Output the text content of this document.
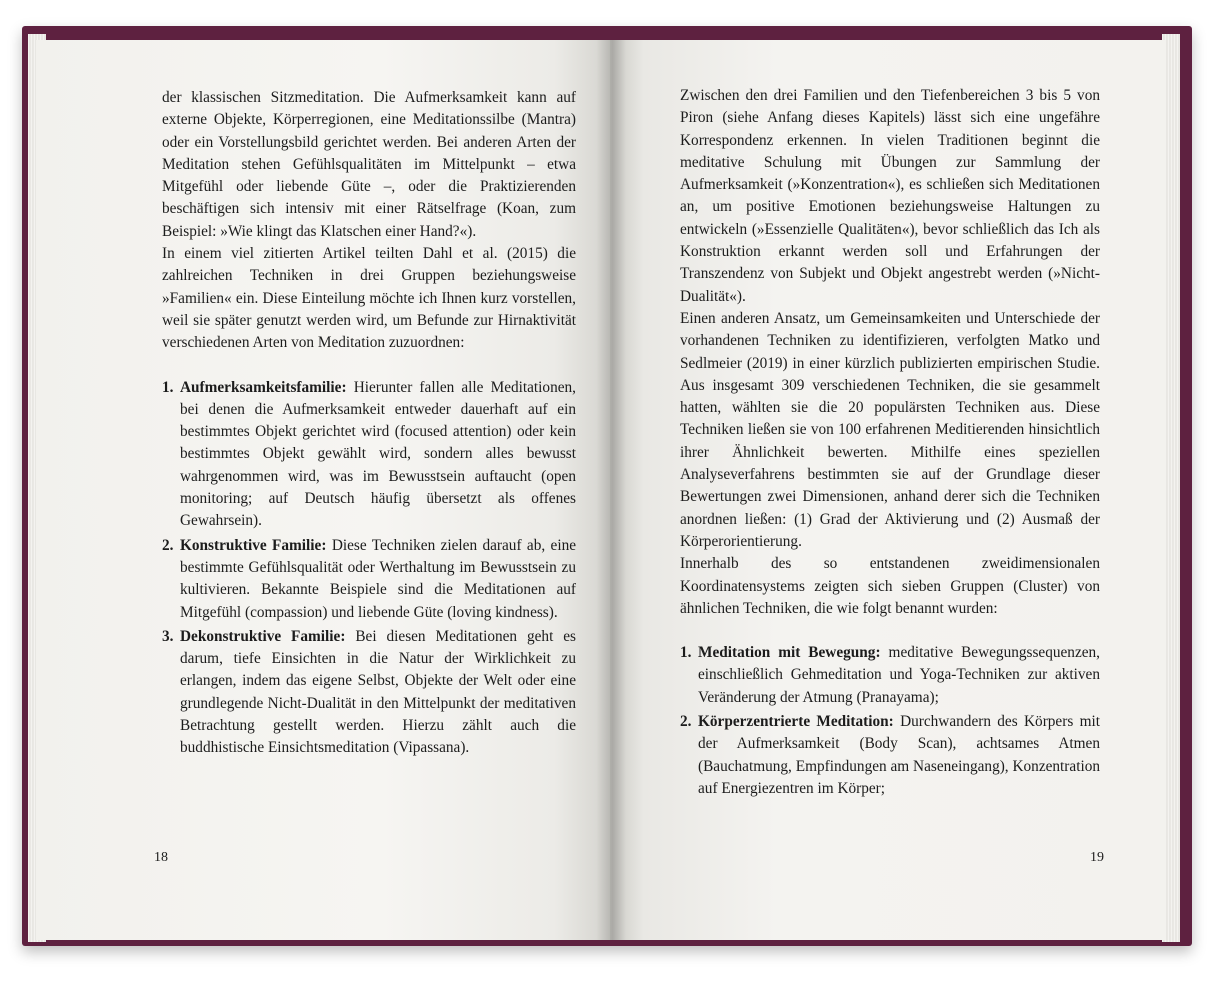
der klassischen Sitzmeditation. Die Aufmerksamkeit kann auf externe Objekte, Körperregionen, eine Meditationssilbe (Mantra) oder ein Vorstellungsbild gerichtet werden. Bei anderen Arten der Meditation stehen Gefühlsqualitäten im Mittelpunkt – etwa Mitgefühl oder liebende Güte –, oder die Praktizierenden beschäftigen sich intensiv mit einer Rätselfrage (Koan, zum Beispiel: »Wie klingt das Klatschen einer Hand?«).

In einem viel zitierten Artikel teilten Dahl et al. (2015) die zahlreichen Techniken in drei Gruppen beziehungsweise »Familien« ein. Diese Einteilung möchte ich Ihnen kurz vorstellen, weil sie später genutzt werden wird, um Befunde zur Hirnaktivität verschiedenen Arten von Meditation zuzuordnen:

1. Aufmerksamkeitsfamilie: Hierunter fallen alle Meditationen, bei denen die Aufmerksamkeit entweder dauerhaft auf ein bestimmtes Objekt gerichtet wird (focused attention) oder kein bestimmtes Objekt gewählt wird, sondern alles bewusst wahrgenommen wird, was im Bewusstsein auftaucht (open monitoring; auf Deutsch häufig übersetzt als offenes Gewahrsein).
2. Konstruktive Familie: Diese Techniken zielen darauf ab, eine bestimmte Gefühlsqualität oder Werthaltung im Bewusstsein zu kultivieren. Bekannte Beispiele sind die Meditationen auf Mitgefühl (compassion) und liebende Güte (loving kindness).
3. Dekonstruktive Familie: Bei diesen Meditationen geht es darum, tiefe Einsichten in die Natur der Wirklichkeit zu erlangen, indem das eigene Selbst, Objekte der Welt oder eine grundlegende Nicht-Dualität in den Mittelpunkt der meditativen Betrachtung gestellt werden. Hierzu zählt auch die buddhistische Einsichtsmeditation (Vipassana).
18

Zwischen den drei Familien und den Tiefenbereichen 3 bis 5 von Piron (siehe Anfang dieses Kapitels) lässt sich eine ungefähre Korrespondenz erkennen. In vielen Traditionen beginnt die meditative Schulung mit Übungen zur Sammlung der Aufmerksamkeit (»Konzentration«), es schließen sich Meditationen an, um positive Emotionen beziehungsweise Haltungen zu entwickeln (»Essenzielle Qualitäten«), bevor schließlich das Ich als Konstruktion erkannt werden soll und Erfahrungen der Transzendenz von Subjekt und Objekt angestrebt werden (»Nicht-Dualität«).

Einen anderen Ansatz, um Gemeinsamkeiten und Unterschiede der vorhandenen Techniken zu identifizieren, verfolgten Matko und Sedlmeier (2019) in einer kürzlich publizierten empirischen Studie. Aus insgesamt 309 verschiedenen Techniken, die sie gesammelt hatten, wählten sie die 20 populärsten Techniken aus. Diese Techniken ließen sie von 100 erfahrenen Meditierenden hinsichtlich ihrer Ähnlichkeit bewerten. Mithilfe eines speziellen Analyseverfahrens bestimmten sie auf der Grundlage dieser Bewertungen zwei Dimensionen, anhand derer sich die Techniken anordnen ließen: (1) Grad der Aktivierung und (2) Ausmaß der Körperorientierung.

Innerhalb des so entstandenen zweidimensionalen Koordinatensystems zeigten sich sieben Gruppen (Cluster) von ähnlichen Techniken, die wie folgt benannt wurden:

1. Meditation mit Bewegung: meditative Bewegungssequenzen, einschließlich Gehmeditation und Yoga-Techniken zur aktiven Veränderung der Atmung (Pranayama);
2. Körperzentrierte Meditation: Durchwandern des Körpers mit der Aufmerksamkeit (Body Scan), achtsames Atmen (Bauchatmung, Empfindungen am Naseneingang), Konzentration auf Energiezentren im Körper;
19
